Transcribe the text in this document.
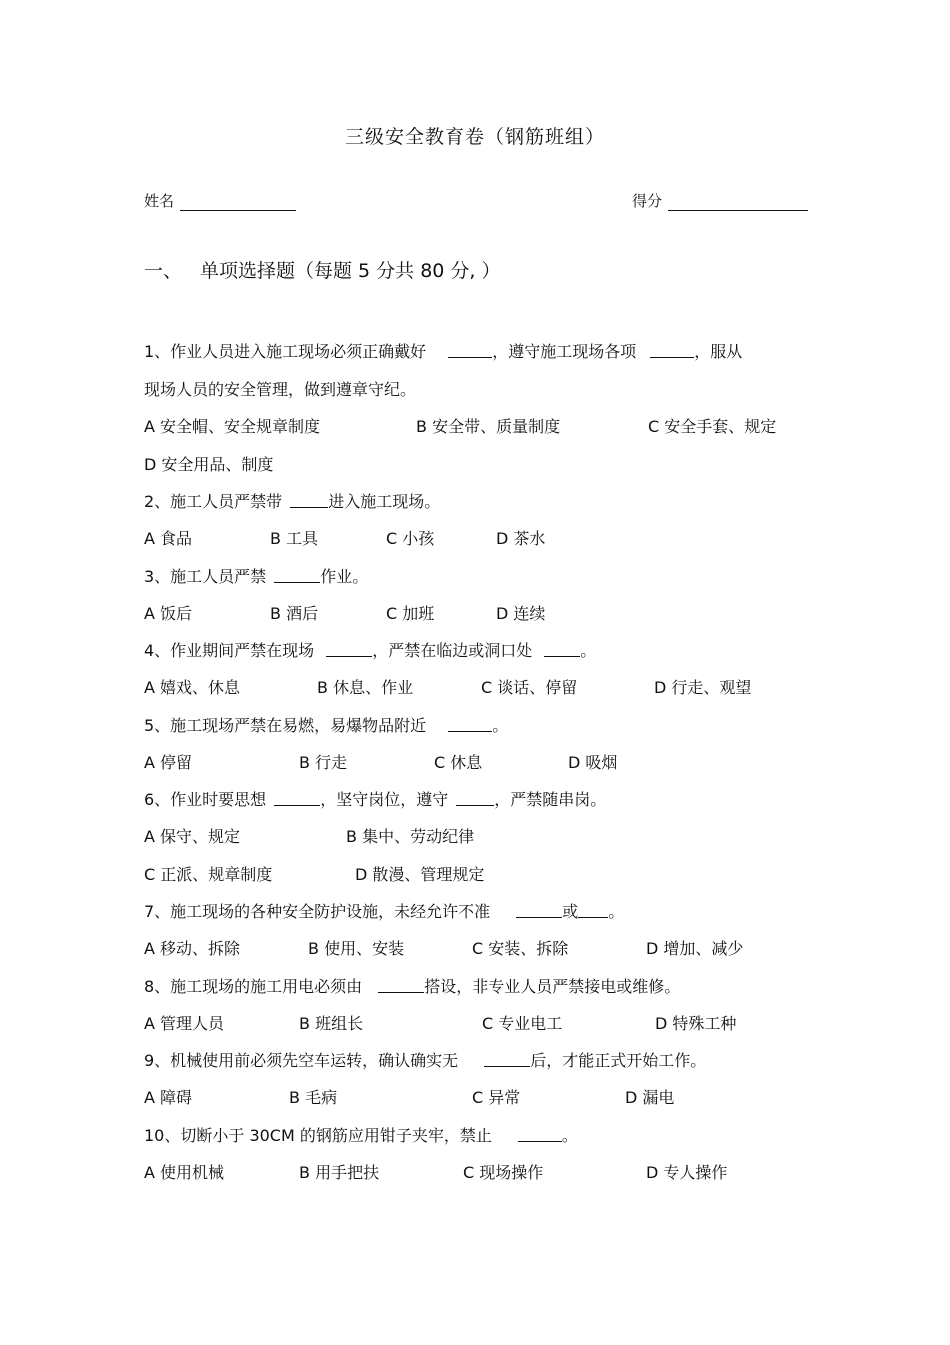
三级安全教育卷（钢筋班组）
姓名	得分
一、 单项选择题（每题 5 分共 80 分, ）
1、作业人员进入施工现场必须正确戴好	，遵守施工现场各项	，服从
现场人员的安全管理，做到遵章守纪。
A 安全帽、安全规章制度	B 安全带、质量制度	C 安全手套、规定
D 安全用品、制度
2、施工人员严禁带	进入施工现场。
A 食品	B 工具	C 小孩	D 茶水
3、施工人员严禁	作业。
A 饭后	B 酒后	C 加班	D 连续
4、作业期间严禁在现场	，严禁在临边或洞口处	。
A 嬉戏、休息	B 休息、作业	C 谈话、停留	D 行走、观望
5、施工现场严禁在易燃，易爆物品附近	。
A 停留	B 行走	C 休息	D 吸烟
6、作业时要思想	，坚守岗位，遵守	，严禁随串岗。
A 保守、规定	B 集中、劳动纪律
C 正派、规章制度	D 散漫、管理规定
7、施工现场的各种安全防护设施，未经允许不准	或 。
A 移动、拆除	B 使用、安装	C 安装、拆除	D 增加、减少
8、施工现场的施工用电必须由	搭设，非专业人员严禁接电或维修。
A 管理人员	B 班组长	C 专业电工	D 特殊工种
9、机械使用前必须先空车运转，确认确实无	后，才能正式开始工作。
A 障碍	B 毛病	C 异常	D 漏电
10、切断小于 30CM 的钢筋应用钳子夹牢，禁止	。
A 使用机械	B 用手把扶	C 现场操作	D 专人操作
